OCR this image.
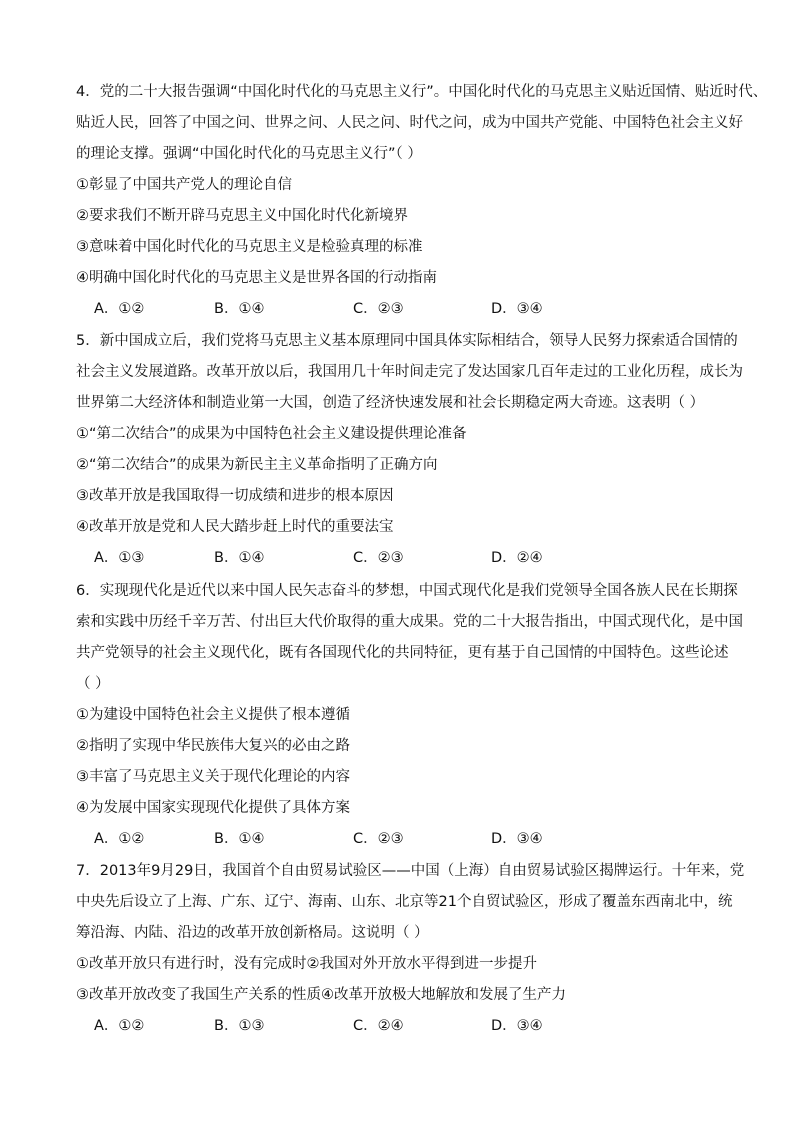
4．党的二十大报告强调“中国化时代化的马克思主义行”。中国化时代化的马克思主义贴近国情、贴近时代、
贴近人民，回答了中国之问、世界之问、人民之问、时代之问，成为中国共产党能、中国特色社会主义好
的理论支撑。强调“中国化时代化的马克思主义行”（ ）
①彰显了中国共产党人的理论自信
②要求我们不断开辟马克思主义中国化时代化新境界
③意味着中国化时代化的马克思主义是检验真理的标准
④明确中国化时代化的马克思主义是世界各国的行动指南
A．①②	B．①④	C．②③	D．③④
5．新中国成立后，我们党将马克思主义基本原理同中国具体实际相结合，领导人民努力探索适合国情的
社会主义发展道路。改革开放以后，我国用几十年时间走完了发达国家几百年走过的工业化历程，成长为
世界第二大经济体和制造业第一大国，创造了经济快速发展和社会长期稳定两大奇迹。这表明（ ）
①“第二次结合”的成果为中国特色社会主义建设提供理论准备
②“第二次结合”的成果为新民主主义革命指明了正确方向
③改革开放是我国取得一切成绩和进步的根本原因
④改革开放是党和人民大踏步赶上时代的重要法宝
A．①③	B．①④	C．②③	D．②④
6．实现现代化是近代以来中国人民矢志奋斗的梦想，中国式现代化是我们党领导全国各族人民在长期探
索和实践中历经千辛万苦、付出巨大代价取得的重大成果。党的二十大报告指出，中国式现代化，是中国
共产党领导的社会主义现代化，既有各国现代化的共同特征，更有基于自己国情的中国特色。这些论述
（ ）
①为建设中国特色社会主义提供了根本遵循
②指明了实现中华民族伟大复兴的必由之路
③丰富了马克思主义关于现代化理论的内容
④为发展中国家实现现代化提供了具体方案
A．①②	B．①④	C．②③	D．③④
7．2013年9月29日，我国首个自由贸易试验区——中国（上海）自由贸易试验区揭牌运行。十年来，党
中央先后设立了上海、广东、辽宁、海南、山东、北京等21个自贸试验区，形成了覆盖东西南北中，统
筹沿海、内陆、沿边的改革开放创新格局。这说明（ ）
①改革开放只有进行时，没有完成时②我国对外开放水平得到进一步提升
③改革开放改变了我国生产关系的性质④改革开放极大地解放和发展了生产力
A．①②	B．①③	C．②④	D．③④
